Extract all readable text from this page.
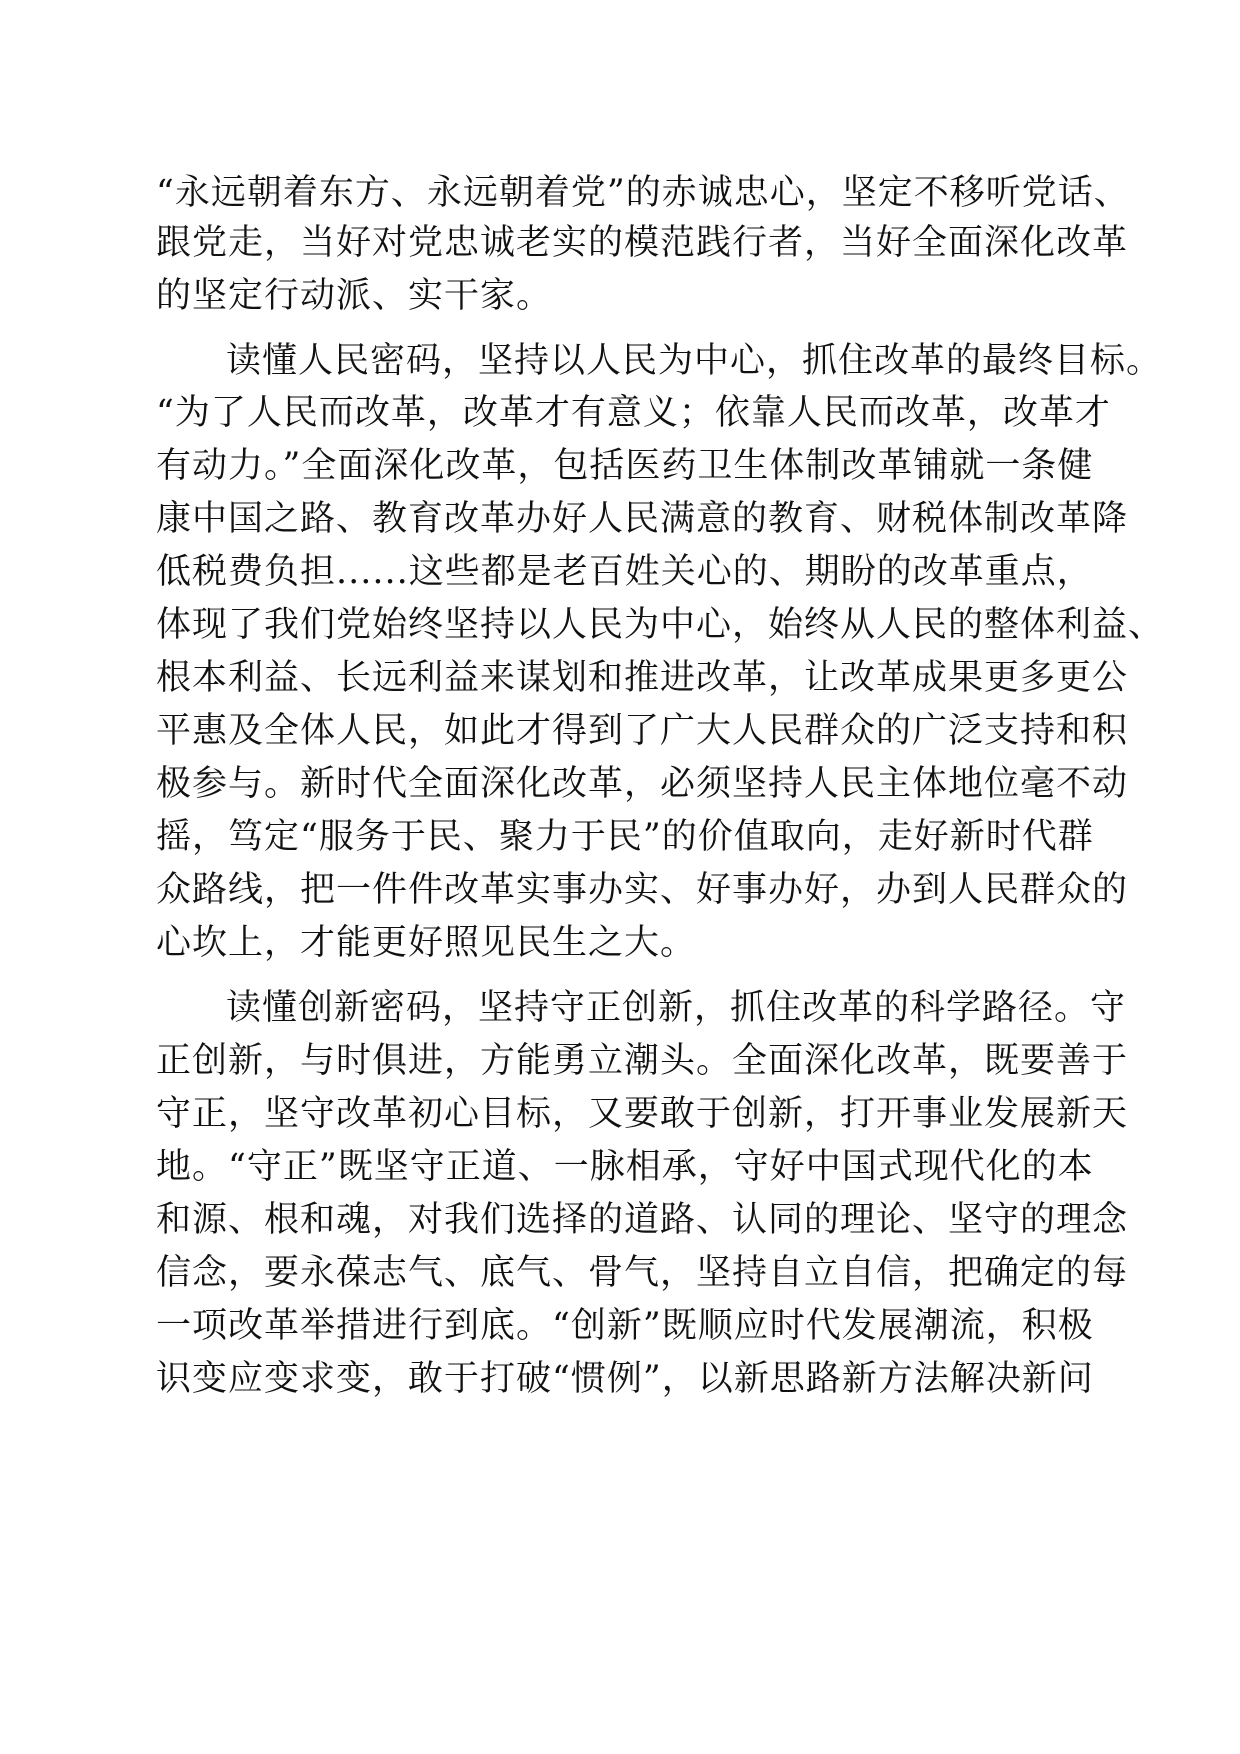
“永远朝着东方、永远朝着党”的赤诚忠心，坚定不移听党话、
跟党走，当好对党忠诚老实的模范践行者，当好全面深化改革
的坚定行动派、实干家。
读懂人民密码，坚持以人民为中心，抓住改革的最终目标。
“为了人民而改革，改革才有意义；依靠人民而改革，改革才
有动力。”全面深化改革，包括医药卫生体制改革铺就一条健
康中国之路、教育改革办好人民满意的教育、财税体制改革降
低税费负担......这些都是老百姓关心的、期盼的改革重点，
体现了我们党始终坚持以人民为中心，始终从人民的整体利益、
根本利益、长远利益来谋划和推进改革，让改革成果更多更公
平惠及全体人民，如此才得到了广大人民群众的广泛支持和积
极参与。新时代全面深化改革，必须坚持人民主体地位毫不动
摇，笃定“服务于民、聚力于民”的价值取向，走好新时代群
众路线，把一件件改革实事办实、好事办好，办到人民群众的
心坎上，才能更好照见民生之大。
读懂创新密码，坚持守正创新，抓住改革的科学路径。守
正创新，与时俱进，方能勇立潮头。全面深化改革，既要善于
守正，坚守改革初心目标，又要敢于创新，打开事业发展新天
地。“守正”既坚守正道、一脉相承，守好中国式现代化的本
和源、根和魂，对我们选择的道路、认同的理论、坚守的理念
信念，要永葆志气、底气、骨气，坚持自立自信，把确定的每
一项改革举措进行到底。“创新”既顺应时代发展潮流，积极
识变应变求变，敢于打破“惯例”，以新思路新方法解决新问
